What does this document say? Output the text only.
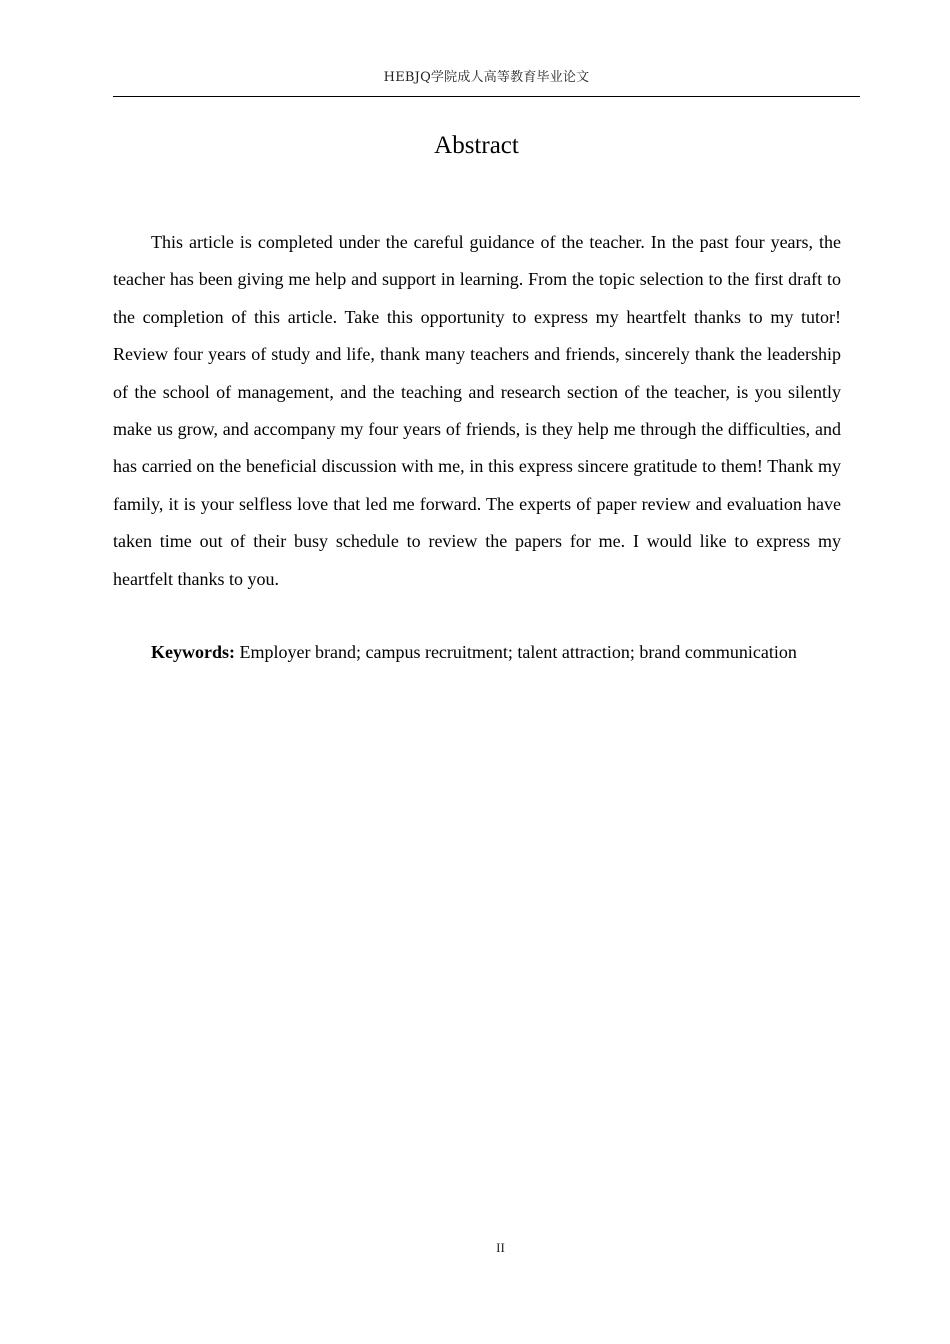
HEBJQ学院成人高等教育毕业论文
Abstract

This article is completed under the careful guidance of the teacher. In the past four years, the teacher has been giving me help and support in learning. From the topic selection to the first draft to the completion of this article. Take this opportunity to express my heartfelt thanks to my tutor! Review four years of study and life, thank many teachers and friends, sincerely thank the leadership of the school of management, and the teaching and research section of the teacher, is you silently make us grow, and accompany my four years of friends, is they help me through the difficulties, and has carried on the beneficial discussion with me, in this express sincere gratitude to them! Thank my family, it is your selfless love that led me forward. The experts of paper review and evaluation have taken time out of their busy schedule to review the papers for me. I would like to express my heartfelt thanks to you.

Keywords: Employer brand; campus recruitment; talent attraction; brand communication

II
